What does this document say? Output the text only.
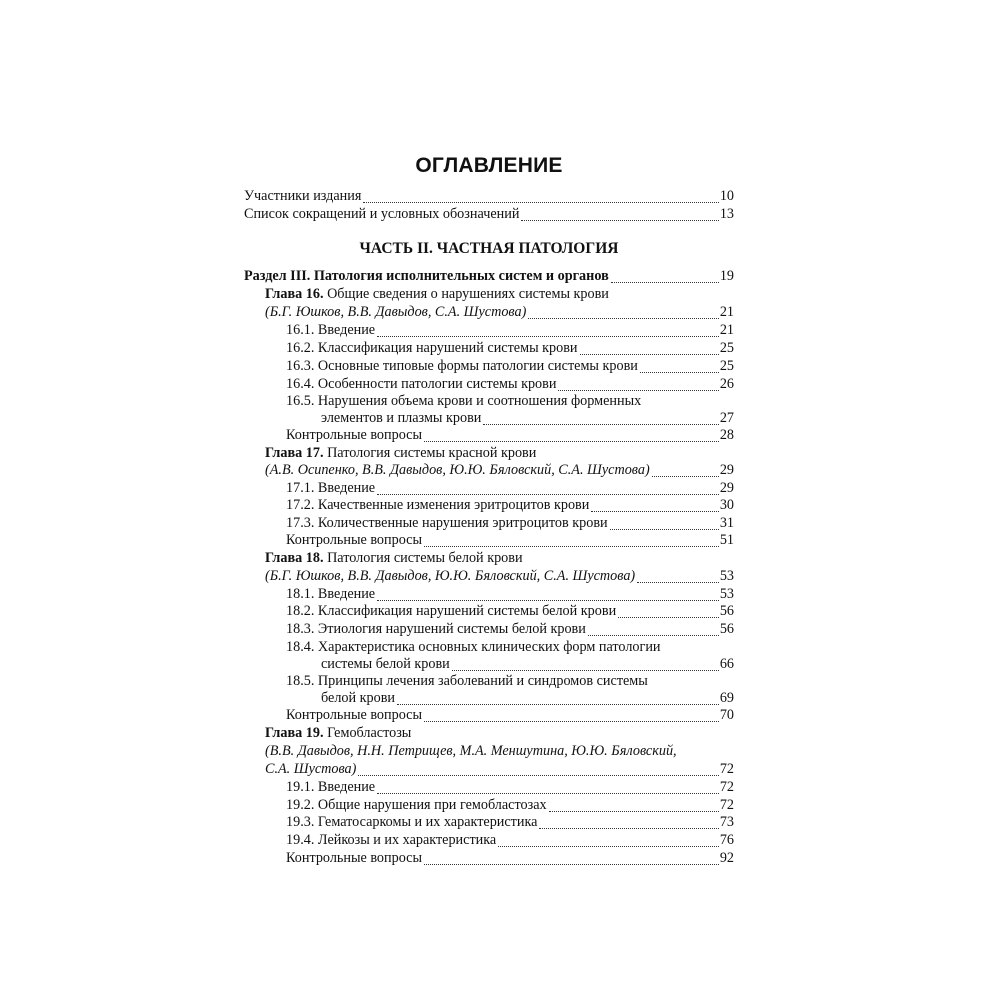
ОГЛАВЛЕНИЕ
ЧАСТЬ II. ЧАСТНАЯ ПАТОЛОГИЯ
Участники издания	10
Список сокращений и условных обозначений	13
Раздел III. Патология исполнительных систем и органов	19
Глава 16. Общие сведения о нарушениях системы крови
(Б.Г. Юшков, В.В. Давыдов, С.А. Шустова)	21
16.1. Введение	21
16.2. Классификация нарушений системы крови	25
16.3. Основные типовые формы патологии системы крови	25
16.4. Особенности патологии системы крови	26
16.5. Нарушения объема крови и соотношения форменных
элементов и плазмы крови	27
Контрольные вопросы	28
Глава 17. Патология системы красной крови
(А.В. Осипенко, В.В. Давыдов, Ю.Ю. Бяловский, С.А. Шустова)	29
17.1. Введение	29
17.2. Качественные изменения эритроцитов крови	30
17.3. Количественные нарушения эритроцитов крови	31
Контрольные вопросы	51
Глава 18. Патология системы белой крови
(Б.Г. Юшков, В.В. Давыдов, Ю.Ю. Бяловский, С.А. Шустова)	53
18.1. Введение	53
18.2. Классификация нарушений системы белой крови	56
18.3. Этиология нарушений системы белой крови	56
18.4. Характеристика основных клинических форм патологии
системы белой крови	66
18.5. Принципы лечения заболеваний и синдромов системы
белой крови	69
Контрольные вопросы	70
Глава 19. Гемобластозы
(В.В. Давыдов, Н.Н. Петрищев, М.А. Меншутина, Ю.Ю. Бяловский,
С.А. Шустова)	72
19.1. Введение	72
19.2. Общие нарушения при гемобластозах	72
19.3. Гематосаркомы и их характеристика	73
19.4. Лейкозы и их характеристика	76
Контрольные вопросы	92
